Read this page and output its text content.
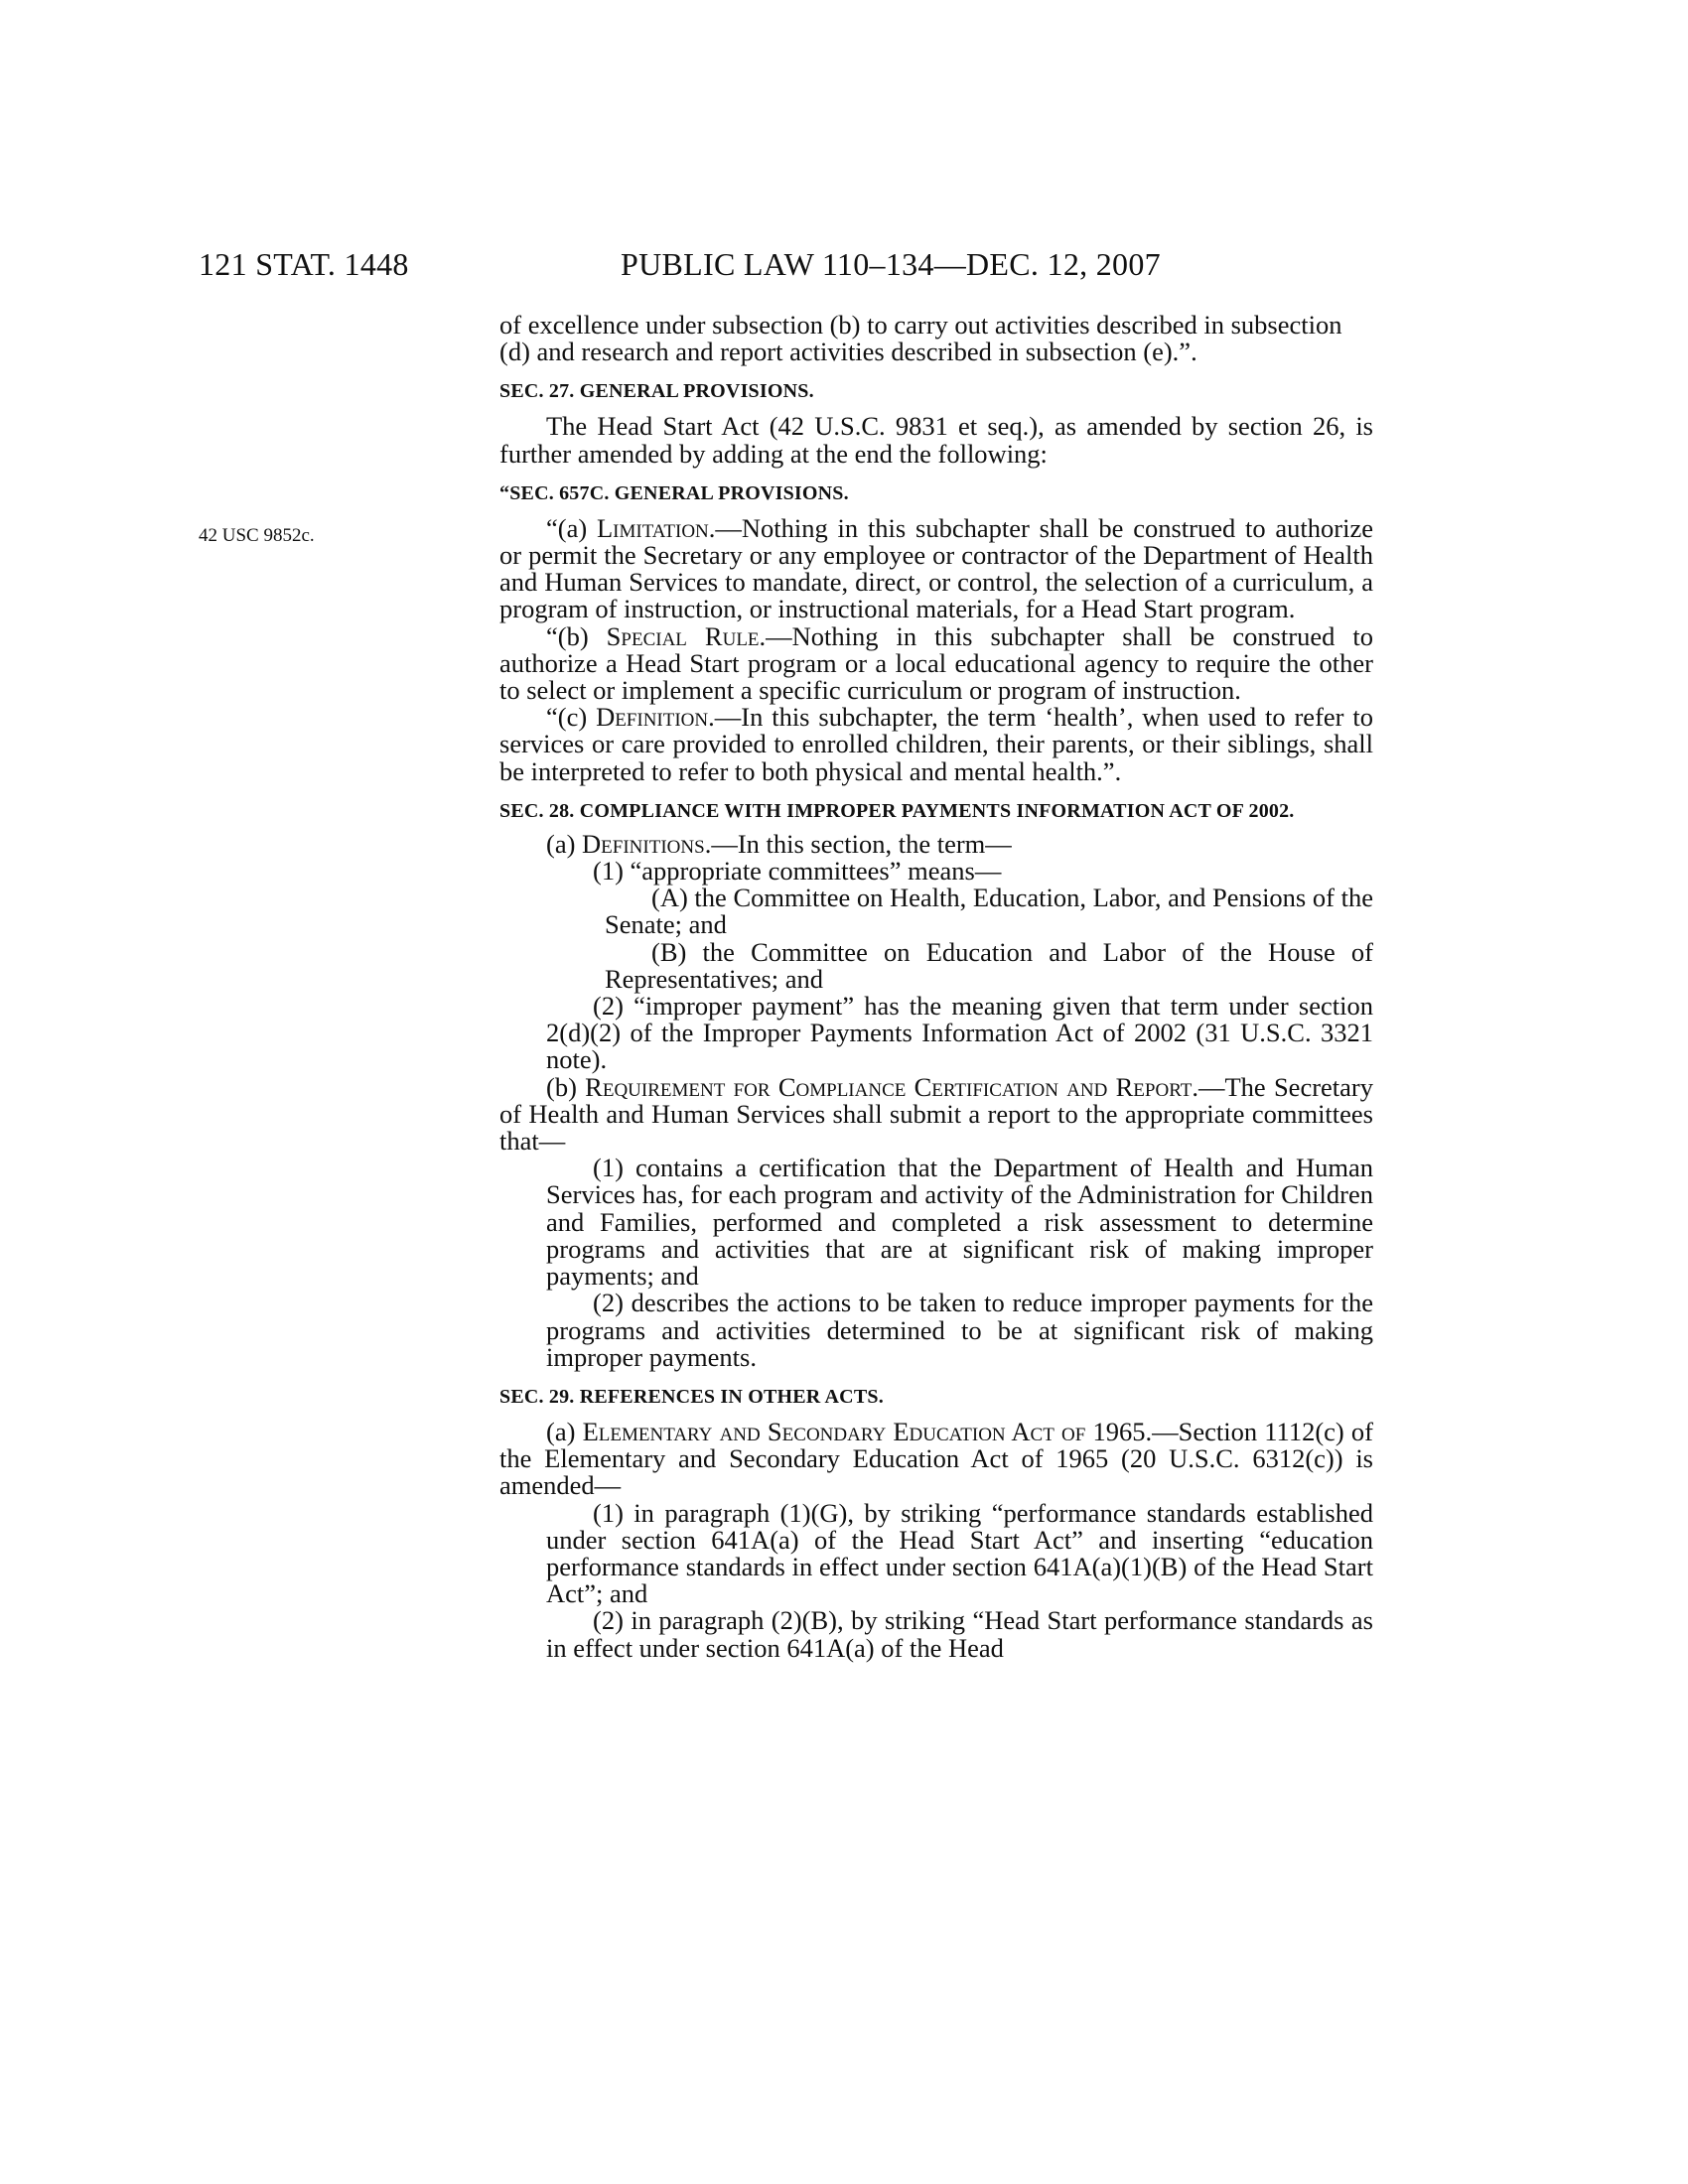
121 STAT. 1448	PUBLIC LAW 110–134—DEC. 12, 2007
42 USC 9852c.

of excellence under subsection (b) to carry out activities described in subsection (d) and research and report activities described in subsection (e).”.

SEC. 27. GENERAL PROVISIONS.

The Head Start Act (42 U.S.C. 9831 et seq.), as amended by section 26, is further amended by adding at the end the following:

“SEC. 657C. GENERAL PROVISIONS.

“(a) Limitation.—Nothing in this subchapter shall be construed to authorize or permit the Secretary or any employee or contractor of the Department of Health and Human Services to mandate, direct, or control, the selection of a curriculum, a program of instruction, or instructional materials, for a Head Start program.

“(b) Special Rule.—Nothing in this subchapter shall be construed to authorize a Head Start program or a local educational agency to require the other to select or implement a specific curriculum or program of instruction.

“(c) Definition.—In this subchapter, the term ‘health’, when used to refer to services or care provided to enrolled children, their parents, or their siblings, shall be interpreted to refer to both physical and mental health.”.

SEC. 28. COMPLIANCE WITH IMPROPER PAYMENTS INFORMATION ACT OF 2002.

(a) Definitions.—In this section, the term—

(1) “appropriate committees” means—

(A) the Committee on Health, Education, Labor, and Pensions of the Senate; and

(B) the Committee on Education and Labor of the House of Representatives; and

(2) “improper payment” has the meaning given that term under section 2(d)(2) of the Improper Payments Information Act of 2002 (31 U.S.C. 3321 note).

(b) Requirement for Compliance Certification and Report.—The Secretary of Health and Human Services shall submit a report to the appropriate committees that—

(1) contains a certification that the Department of Health and Human Services has, for each program and activity of the Administration for Children and Families, performed and completed a risk assessment to determine programs and activities that are at significant risk of making improper payments; and

(2) describes the actions to be taken to reduce improper payments for the programs and activities determined to be at significant risk of making improper payments.

SEC. 29. REFERENCES IN OTHER ACTS.

(a) Elementary and Secondary Education Act of 1965.—Section 1112(c) of the Elementary and Secondary Education Act of 1965 (20 U.S.C. 6312(c)) is amended—

(1) in paragraph (1)(G), by striking “performance standards established under section 641A(a) of the Head Start Act” and inserting “education performance standards in effect under section 641A(a)(1)(B) of the Head Start Act”; and

(2) in paragraph (2)(B), by striking “Head Start performance standards as in effect under section 641A(a) of the Head
